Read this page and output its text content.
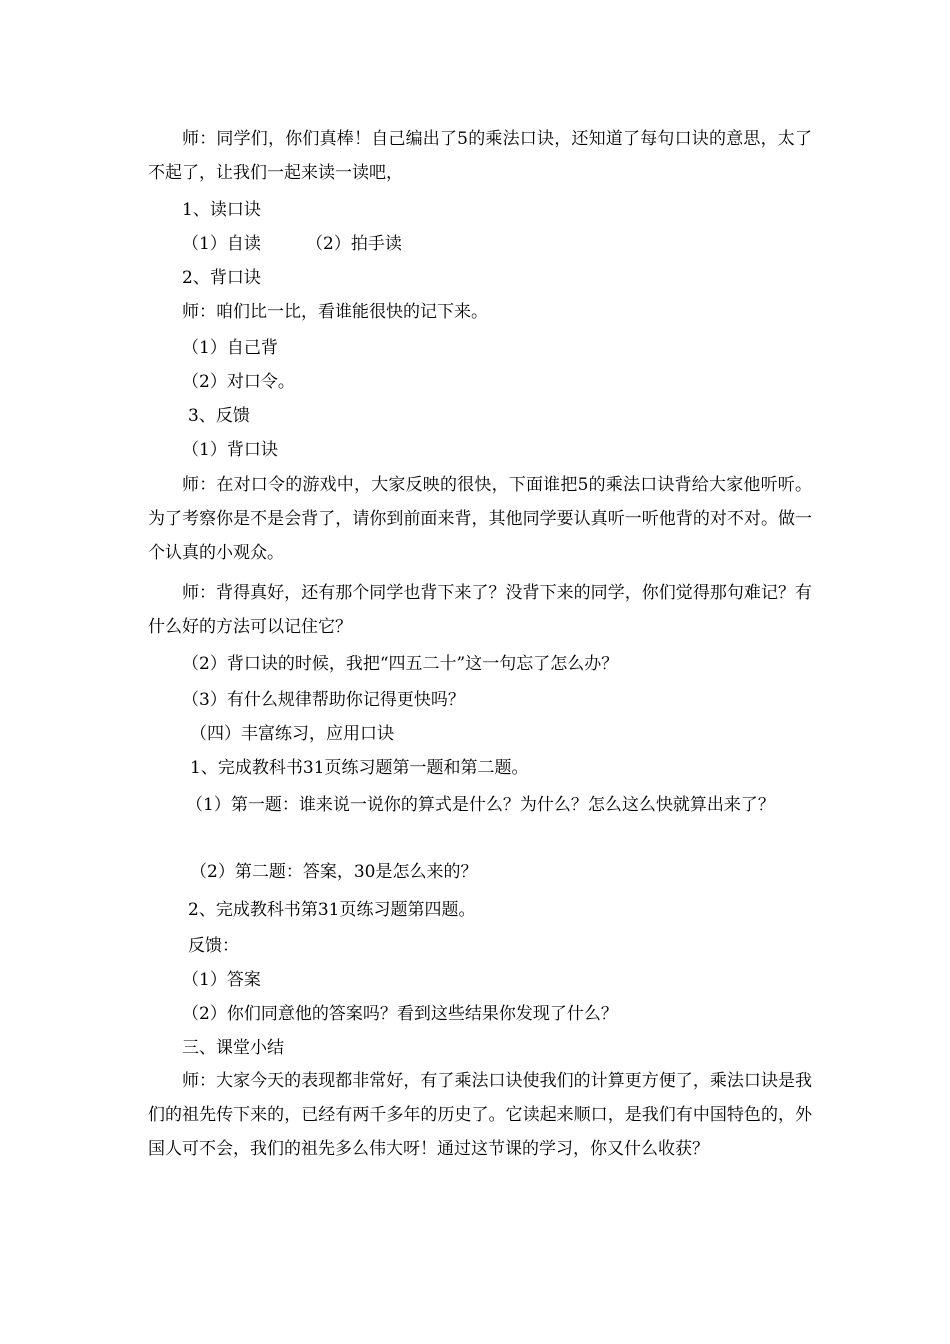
师：同学们，你们真棒！自己编出了5的乘法口诀，还知道了每句口诀的意思，太了不起了，让我们一起来读一读吧，
1、读口诀
（1）自读	（2）拍手读
2、背口诀
师：咱们比一比，看谁能很快的记下来。
（1）自己背
（2）对口令。
3、反馈
（1）背口诀
师：在对口令的游戏中，大家反映的很快，下面谁把5的乘法口诀背给大家他听听。为了考察你是不是会背了，请你到前面来背，其他同学要认真听一听他背的对不对。做一个认真的小观众。
师：背得真好，还有那个同学也背下来了？没背下来的同学，你们觉得那句难记？有什么好的方法可以记住它？
（2）背口诀的时候，我把“四五二十”这一句忘了怎么办？
（3）有什么规律帮助你记得更快吗？
（四）丰富练习，应用口诀
1、完成教科书31页练习题第一题和第二题。
（1）第一题：谁来说一说你的算式是什么？为什么？怎么这么快就算出来了？
（2）第二题：答案，30是怎么来的？
2、完成教科书第31页练习题第四题。
反馈：
（1）答案
（2）你们同意他的答案吗？看到这些结果你发现了什么？
三、课堂小结
师：大家今天的表现都非常好，有了乘法口诀使我们的计算更方便了，乘法口诀是我们的祖先传下来的，已经有两千多年的历史了。它读起来顺口，是我们有中国特色的，外国人可不会，我们的祖先多么伟大呀！通过这节课的学习，你又什么收获？
